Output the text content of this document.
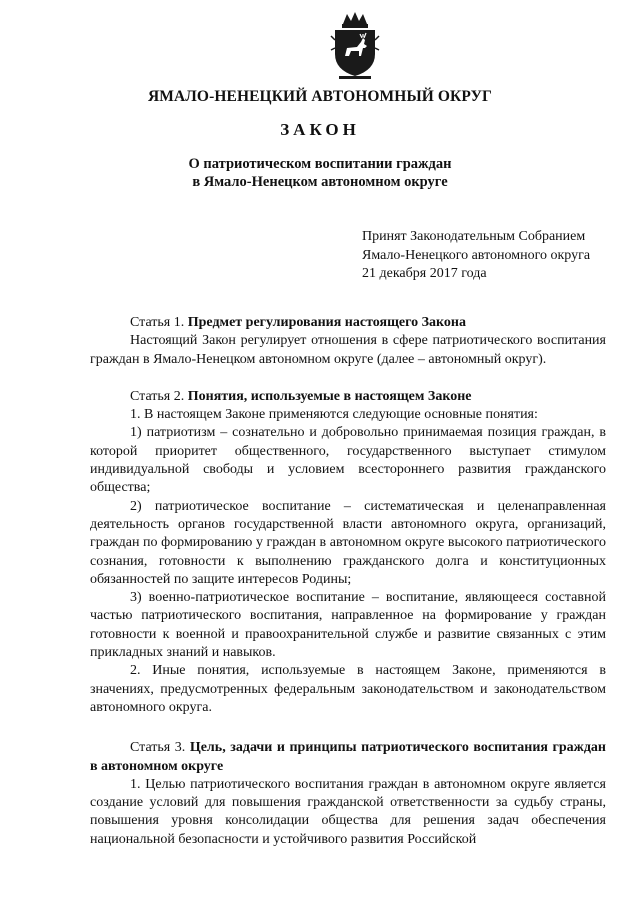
ЯМАЛО-НЕНЕЦКИЙ АВТОНОМНЫЙ ОКРУГ
ЗАКОН
О патриотическом воспитании граждан
в Ямало-Ненецком автономном округе
Принят Законодательным Собранием
Ямало-Ненецкого автономного округа
21 декабря 2017 года

Статья 1. Предмет регулирования настоящего Закона

Настоящий Закон регулирует отношения в сфере патриотического воспитания граждан в Ямало-Ненецком автономном округе (далее – автономный округ).

Статья 2. Понятия, используемые в настоящем Законе

1. В настоящем Законе применяются следующие основные понятия:

1) патриотизм – сознательно и добровольно принимаемая позиция граждан, в которой приоритет общественного, государственного выступает стимулом индивидуальной свободы и условием всестороннего развития гражданского общества;

2) патриотическое воспитание – систематическая и целенаправленная деятельность органов государственной власти автономного округа, организаций, граждан по формированию у граждан в автономном округе высокого патриотического сознания, готовности к выполнению гражданского долга и конституционных обязанностей по защите интересов Родины;

3) военно-патриотическое воспитание – воспитание, являющееся составной частью патриотического воспитания, направленное на формирование у граждан готовности к военной и правоохранительной службе и развитие связанных с этим прикладных знаний и навыков.

2. Иные понятия, используемые в настоящем Законе, применяются в значениях, предусмотренных федеральным законодательством и законодательством автономного округа.

Статья 3. Цель, задачи и принципы патриотического воспитания граждан в автономном округе

1. Целью патриотического воспитания граждан в автономном округе является создание условий для повышения гражданской ответственности за судьбу страны, повышения уровня консолидации общества для решения задач обеспечения национальной безопасности и устойчивого развития Российской
